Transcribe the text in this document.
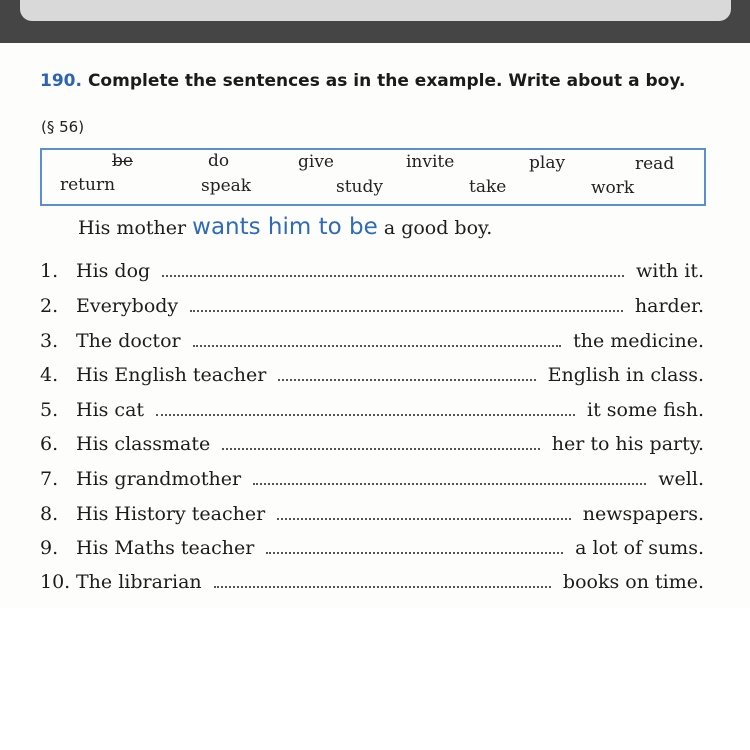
190. Complete the sentences as in the example. Write about a boy.
(§ 56)
be	do	give	invite	play	read
return	speak	study	take	work
His mother wants him to be a good boy.
1. His dog	with it.
2. Everybody	harder.
3. The doctor	the medicine.
4. His English teacher	English in class.
5. His cat	it some fish.
6. His classmate	her to his party.
7. His grandmother	well.
8. His History teacher	newspapers.
9. His Maths teacher	a lot of sums.
10. The librarian	books on time.
